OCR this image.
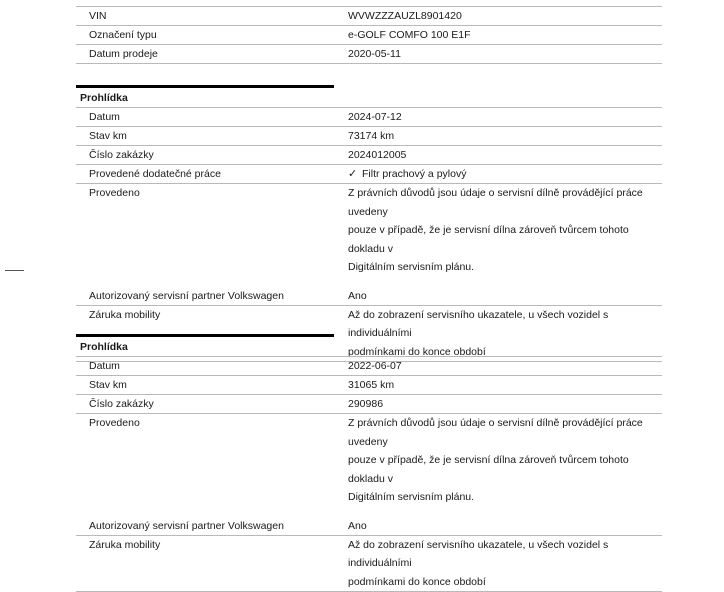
VIN	WVWZZZAUZL8901420
Označení typu	e-GOLF COMFO 100 E1F
Datum prodeje	2020-05-11
Prohlídka
Datum	2024-07-12
Stav km	73174 km
Číslo zakázky	2024012005
Provedené dodatečné práce	✓ Filtr prachový a pylový
Provedeno	Z právních důvodů jsou údaje o servisní dílně provádějící práce uvedeny
pouze v případě, že je servisní dílna zároveň tvůrcem tohoto dokladu v
Digitálním servisním plánu.
Autorizovaný servisní partner Volkswagen	Ano
Záruka mobility	Až do zobrazení servisního ukazatele, u všech vozidel s individuálními
podmínkami do konce období
Prohlídka
Datum	2022-06-07
Stav km	31065 km
Číslo zakázky	290986
Provedeno	Z právních důvodů jsou údaje o servisní dílně provádějící práce uvedeny
pouze v případě, že je servisní dílna zároveň tvůrcem tohoto dokladu v
Digitálním servisním plánu.
Autorizovaný servisní partner Volkswagen	Ano
Záruka mobility	Až do zobrazení servisního ukazatele, u všech vozidel s individuálními
podmínkami do konce období
